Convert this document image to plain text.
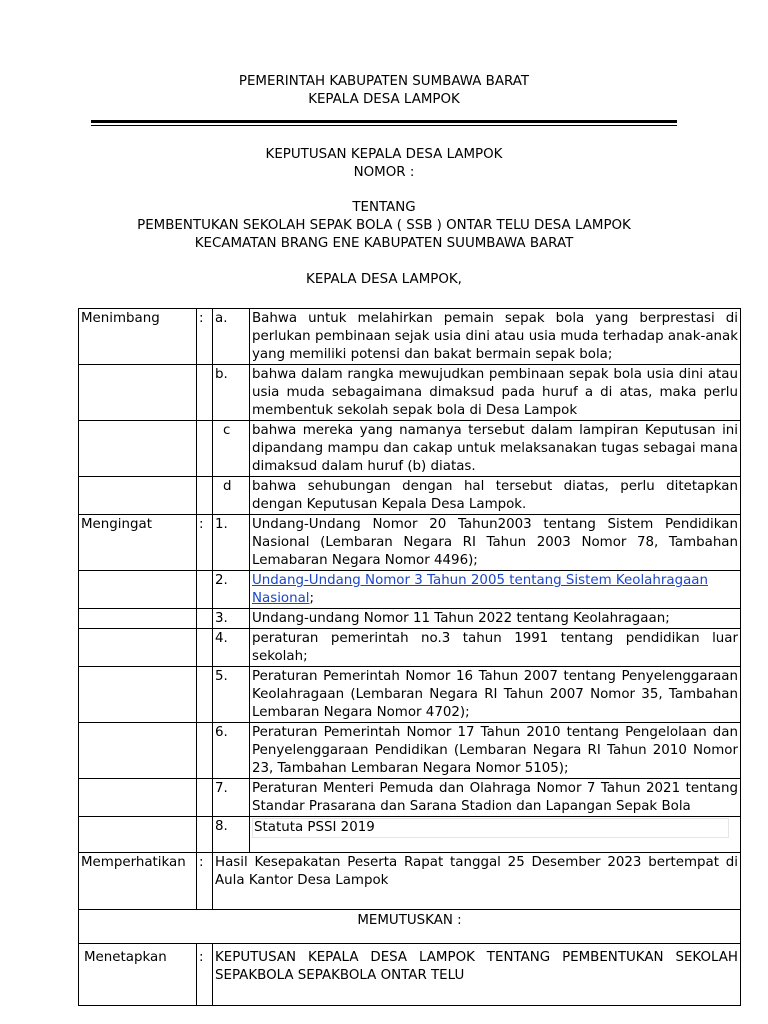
PEMERINTAH KABUPATEN SUMBAWA BARAT
KEPALA DESA LAMPOK
KEPUTUSAN KEPALA DESA LAMPOK
NOMOR :
TENTANG
PEMBENTUKAN SEKOLAH SEPAK BOLA ( SSB ) ONTAR TELU DESA LAMPOK
KECAMATAN BRANG ENE KABUPATEN SUUMBAWA BARAT
KEPALA DESA LAMPOK,
Menimbang	:	a.	Bahwa untuk melahirkan pemain sepak bola yang berprestasi di perlukan pembinaan sejak usia dini atau usia muda terhadap anak-anak yang memiliki potensi dan bakat bermain sepak bola;
		b.	bahwa dalam rangka mewujudkan pembinaan sepak bola usia dini atau usia muda sebagaimana dimaksud pada huruf a di atas, maka perlu membentuk sekolah sepak bola di Desa Lampok
		c	bahwa mereka yang namanya tersebut dalam lampiran Keputusan ini dipandang mampu dan cakap untuk melaksanakan tugas sebagai mana dimaksud dalam huruf (b) diatas.
		d	bahwa sehubungan dengan hal tersebut diatas, perlu ditetapkan dengan Keputusan Kepala Desa Lampok.
Mengingat	:	1.	Undang-Undang Nomor 20 Tahun2003 tentang Sistem Pendidikan Nasional (Lembaran Negara RI Tahun 2003 Nomor 78, Tambahan Lemabaran Negara Nomor 4496);
		2.	Undang-Undang Nomor 3 Tahun 2005 tentang Sistem Keolahragaan Nasional;
		3.	Undang-undang Nomor 11 Tahun 2022 tentang Keolahragaan;
		4.	peraturan pemerintah no.3 tahun 1991 tentang pendidikan luar sekolah;
		5.	Peraturan Pemerintah Nomor 16 Tahun 2007 tentang Penyelenggaraan Keolahragaan (Lembaran Negara RI Tahun 2007 Nomor 35, Tambahan Lembaran Negara Nomor 4702);
		6.	Peraturan Pemerintah Nomor 17 Tahun 2010 tentang Pengelolaan dan Penyelenggaraan Pendidikan (Lembaran Negara RI Tahun 2010 Nomor 23, Tambahan Lembaran Negara Nomor 5105);
		7.	Peraturan Menteri Pemuda dan Olahraga Nomor 7 Tahun 2021 tentang Standar Prasarana dan Sarana Stadion dan Lapangan Sepak Bola
		8.	Statuta PSSI 2019
Memperhatikan	:	Hasil Kesepakatan Peserta Rapat tanggal 25 Desember 2023 bertempat di Aula Kantor Desa Lampok	
MEMUTUSKAN :			
Menetapkan	:	KEPUTUSAN KEPALA DESA LAMPOK TENTANG PEMBENTUKAN SEKOLAH SEPAKBOLA SEPAKBOLA ONTAR TELU	
